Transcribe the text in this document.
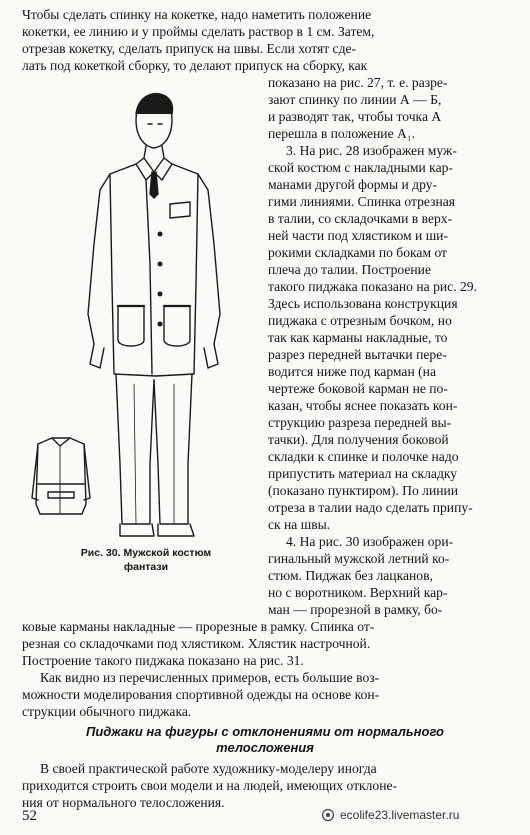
Чтобы сделать спинку на кокетке, надо наметить положение
кокетки, ее линию и у проймы сделать раствор в 1 см. Затем,
отрезав кокетку, сделать припуск на швы. Если хотят сде-
лать под кокеткой сборку, то делают припуск на сборку, как
показано на рис. 27, т. е. разре-
зают спинку по линии А — Б,
и разводят так, чтобы точка А
перешла в положение А₁.
3. На рис. 28 изображен муж-
ской костюм с накладными кар-
манами другой формы и дру-
гими линиями. Спинка отрезная
в талии, со складочками в верх-
ней части под хлястиком и ши-
рокими складками по бокам от
плеча до талии. Построение
такого пиджака показано на рис. 29.
Здесь использована конструкция
пиджака с отрезным бочком, но
так как карманы накладные, то
разрез передней вытачки пере-
водится ниже под карман (на
чертеже боковой карман не по-
казан, чтобы яснее показать кон-
струкцию разреза передней вы-
тачки). Для получения боковой
складки к спинке и полочке надо
припустить материал на складку
(показано пунктиром). По линии
отреза в талии надо сделать припу-
ск на швы.
4. На рис. 30 изображен ори-
гинальный мужской летний ко-
стюм. Пиджак без лацканов,
но с воротником. Верхний кар-
ман — прорезной в рамку, бо-
ковые карманы накладные — прорезные в рамку. Спинка от-
резная со складочками под хлястиком. Хлястик настрочной.
Построение такого пиджака показано на рис. 31.
Как видно из перечисленных примеров, есть большие воз-
можности моделирования спортивной одежды на основе кон-
струкции обычного пиджака.
Пиджаки на фигуры с отклонениями от нормального
телосложения
В своей практической работе художнику-моделеру иногда
приходится строить свои модели и на людей, имеющих отклоне-
ния от нормального телосложения.
Рис. 30. Мужской костюм
фантази
52	ecolife23.livemaster.ru
